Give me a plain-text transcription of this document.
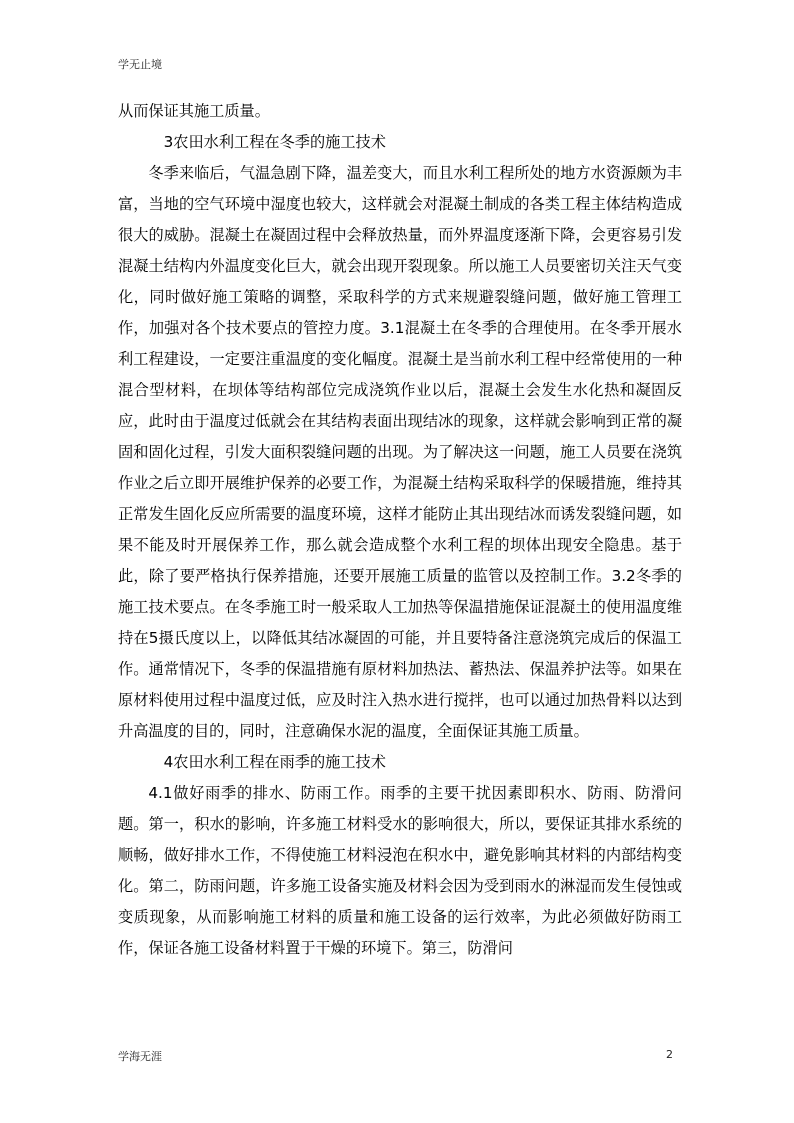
学无止境

从而保证其施工质量。

3农田水利工程在冬季的施工技术

冬季来临后，气温急剧下降，温差变大，而且水利工程所处的地方水资源颇为丰富，当地的空气环境中湿度也较大，这样就会对混凝土制成的各类工程主体结构造成很大的威胁。混凝土在凝固过程中会释放热量，而外界温度逐渐下降，会更容易引发混凝土结构内外温度变化巨大，就会出现开裂现象。所以施工人员要密切关注天气变化，同时做好施工策略的调整，采取科学的方式来规避裂缝问题，做好施工管理工作，加强对各个技术要点的管控力度。3.1混凝土在冬季的合理使用。在冬季开展水利工程建设，一定要注重温度的变化幅度。混凝土是当前水利工程中经常使用的一种混合型材料，在坝体等结构部位完成浇筑作业以后，混凝土会发生水化热和凝固反应，此时由于温度过低就会在其结构表面出现结冰的现象，这样就会影响到正常的凝固和固化过程，引发大面积裂缝问题的出现。为了解决这一问题，施工人员要在浇筑作业之后立即开展维护保养的必要工作，为混凝土结构采取科学的保暖措施，维持其正常发生固化反应所需要的温度环境，这样才能防止其出现结冰而诱发裂缝问题，如果不能及时开展保养工作，那么就会造成整个水利工程的坝体出现安全隐患。基于此，除了要严格执行保养措施，还要开展施工质量的监管以及控制工作。3.2冬季的施工技术要点。在冬季施工时一般采取人工加热等保温措施保证混凝土的使用温度维持在5摄氏度以上，以降低其结冰凝固的可能，并且要特备注意浇筑完成后的保温工作。通常情况下，冬季的保温措施有原材料加热法、蓄热法、保温养护法等。如果在原材料使用过程中温度过低，应及时注入热水进行搅拌，也可以通过加热骨料以达到升高温度的目的，同时，注意确保水泥的温度，全面保证其施工质量。

4农田水利工程在雨季的施工技术

4.1做好雨季的排水、防雨工作。雨季的主要干扰因素即积水、防雨、防滑问题。第一，积水的影响，许多施工材料受水的影响很大，所以，要保证其排水系统的顺畅，做好排水工作，不得使施工材料浸泡在积水中，避免影响其材料的内部结构变化。第二，防雨问题，许多施工设备实施及材料会因为受到雨水的淋湿而发生侵蚀或变质现象，从而影响施工材料的质量和施工设备的运行效率，为此必须做好防雨工作，保证各施工设备材料置于干燥的环境下。第三，防滑问

学海无涯	2
